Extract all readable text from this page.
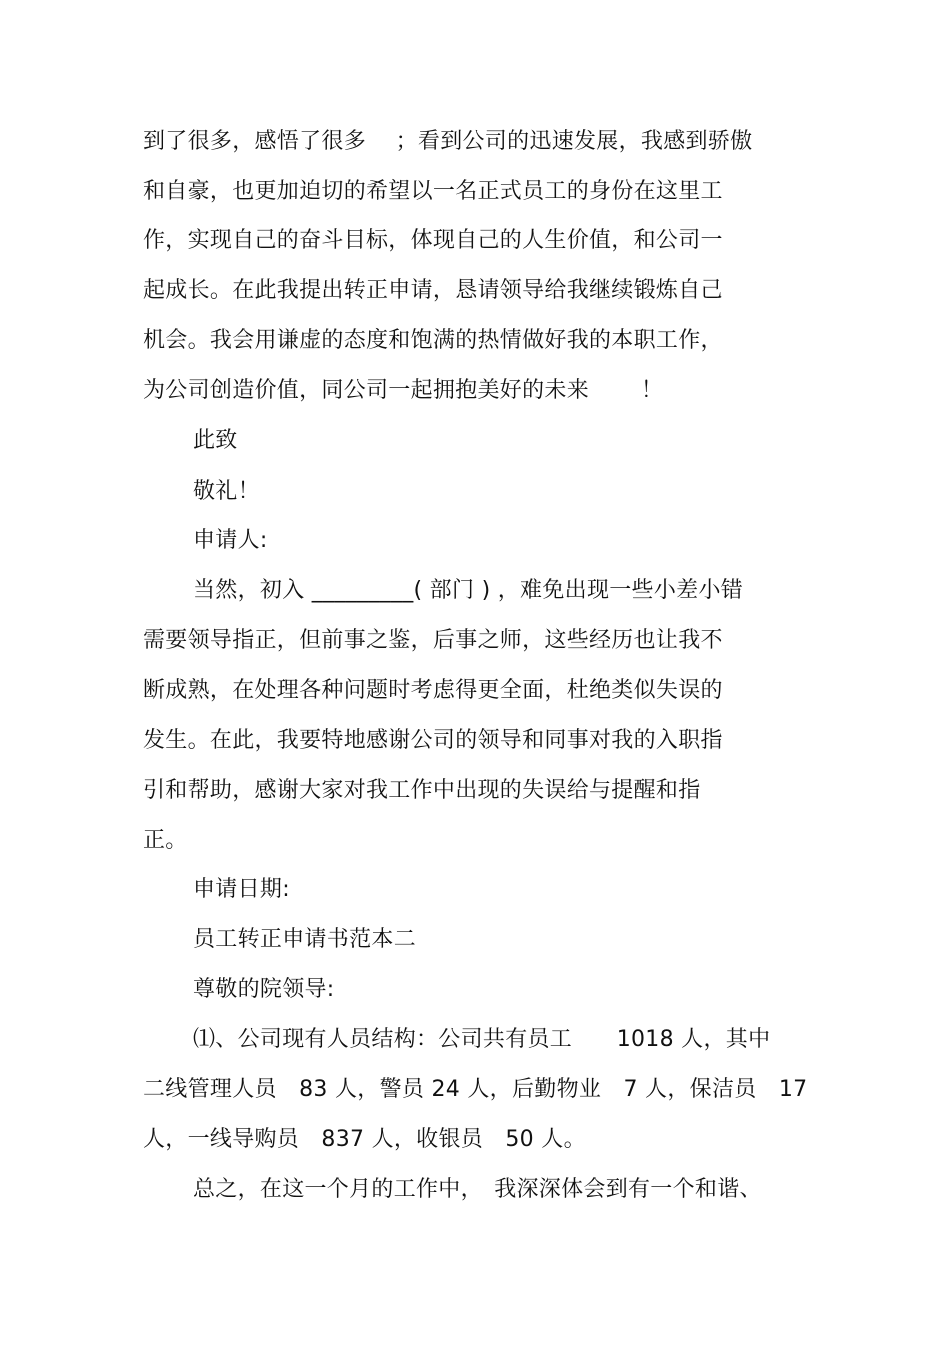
到了很多，感悟了很多　 ；看到公司的迅速发展，我感到骄傲
和自豪，也更加迫切的希望以一名正式员工的身份在这里工
作，实现自己的奋斗目标，体现自己的人生价值，和公司一
起成长。在此我提出转正申请，恳请领导给我继续锻炼自己
机会。我会用谦虚的态度和饱满的热情做好我的本职工作，
为公司创造价值，同公司一起拥抱美好的未来　　 ！
此致
敬礼！
申请人:
当然，初入 _________( 部门 ) ，难免出现一些小差小错
需要领导指正，但前事之鉴，后事之师，这些经历也让我不
断成熟，在处理各种问题时考虑得更全面，杜绝类似失误的
发生。在此，我要特地感谢公司的领导和同事对我的入职指
引和帮助，感谢大家对我工作中出现的失误给与提醒和指
正。
申请日期:
员工转正申请书范本二
尊敬的院领导:
⑴、公司现有人员结构：公司共有员工　　1018 人，其中
二线管理人员　83 人，警员 24 人，后勤物业　7 人，保洁员　17
人，一线导购员　837 人，收银员　50 人。
总之，在这一个月的工作中，　我深深体会到有一个和谐、
